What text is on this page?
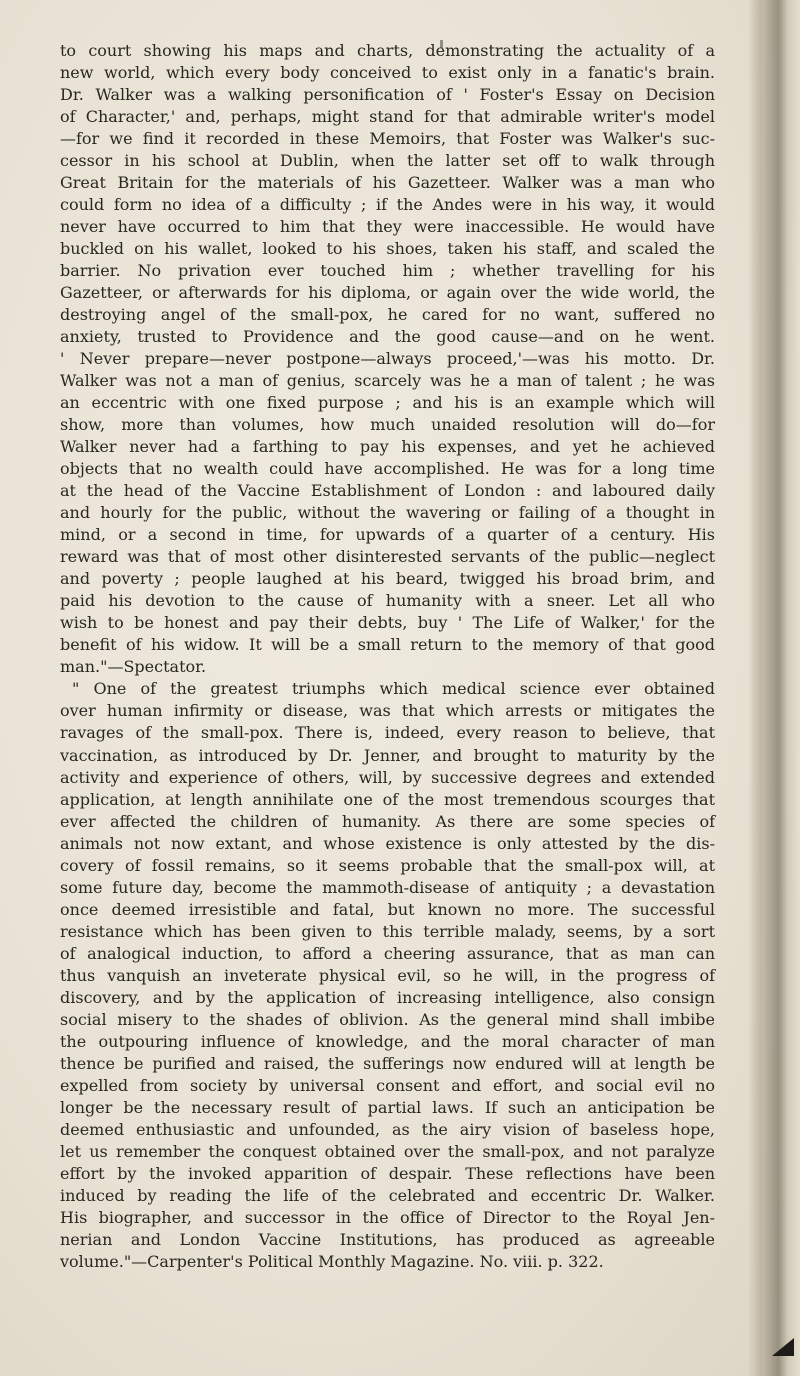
to court showing his maps and charts, demonstrating the actuality of a
new world, which every body conceived to exist only in a fanatic's brain.
Dr. Walker was a walking personification of ' Foster's Essay on Decision
of Character,' and, perhaps, might stand for that admirable writer's model
—for we find it recorded in these Memoirs, that Foster was Walker's suc-
cessor in his school at Dublin, when the latter set off to walk through
Great Britain for the materials of his Gazetteer. Walker was a man who
could form no idea of a difficulty ; if the Andes were in his way, it would
never have occurred to him that they were inaccessible. He would have
buckled on his wallet, looked to his shoes, taken his staff, and scaled the
barrier. No privation ever touched him ; whether travelling for his
Gazetteer, or afterwards for his diploma, or again over the wide world, the
destroying angel of the small-pox, he cared for no want, suffered no
anxiety, trusted to Providence and the good cause—and on he went.
' Never prepare—never postpone—always proceed,'—was his motto. Dr.
Walker was not a man of genius, scarcely was he a man of talent ; he was
an eccentric with one fixed purpose ; and his is an example which will
show, more than volumes, how much unaided resolution will do—for
Walker never had a farthing to pay his expenses, and yet he achieved
objects that no wealth could have accomplished. He was for a long time
at the head of the Vaccine Establishment of London : and laboured daily
and hourly for the public, without the wavering or failing of a thought in
mind, or a second in time, for upwards of a quarter of a century. His
reward was that of most other disinterested servants of the public—neglect
and poverty ; people laughed at his beard, twigged his broad brim, and
paid his devotion to the cause of humanity with a sneer. Let all who
wish to be honest and pay their debts, buy ' The Life of Walker,' for the
benefit of his widow. It will be a small return to the memory of that good
man."—Spectator.
" One of the greatest triumphs which medical science ever obtained
over human infirmity or disease, was that which arrests or mitigates the
ravages of the small-pox. There is, indeed, every reason to believe, that
vaccination, as introduced by Dr. Jenner, and brought to maturity by the
activity and experience of others, will, by successive degrees and extended
application, at length annihilate one of the most tremendous scourges that
ever affected the children of humanity. As there are some species of
animals not now extant, and whose existence is only attested by the dis-
covery of fossil remains, so it seems probable that the small-pox will, at
some future day, become the mammoth-disease of antiquity ; a devastation
once deemed irresistible and fatal, but known no more. The successful
resistance which has been given to this terrible malady, seems, by a sort
of analogical induction, to afford a cheering assurance, that as man can
thus vanquish an inveterate physical evil, so he will, in the progress of
discovery, and by the application of increasing intelligence, also consign
social misery to the shades of oblivion. As the general mind shall imbibe
the outpouring influence of knowledge, and the moral character of man
thence be purified and raised, the sufferings now endured will at length be
expelled from society by universal consent and effort, and social evil no
longer be the necessary result of partial laws. If such an anticipation be
deemed enthusiastic and unfounded, as the airy vision of baseless hope,
let us remember the conquest obtained over the small-pox, and not paralyze
effort by the invoked apparition of despair. These reflections have been
induced by reading the life of the celebrated and eccentric Dr. Walker.
His biographer, and successor in the office of Director to the Royal Jen-
nerian and London Vaccine Institutions, has produced as agreeable
volume."—Carpenter's Political Monthly Magazine. No. viii. p. 322.
